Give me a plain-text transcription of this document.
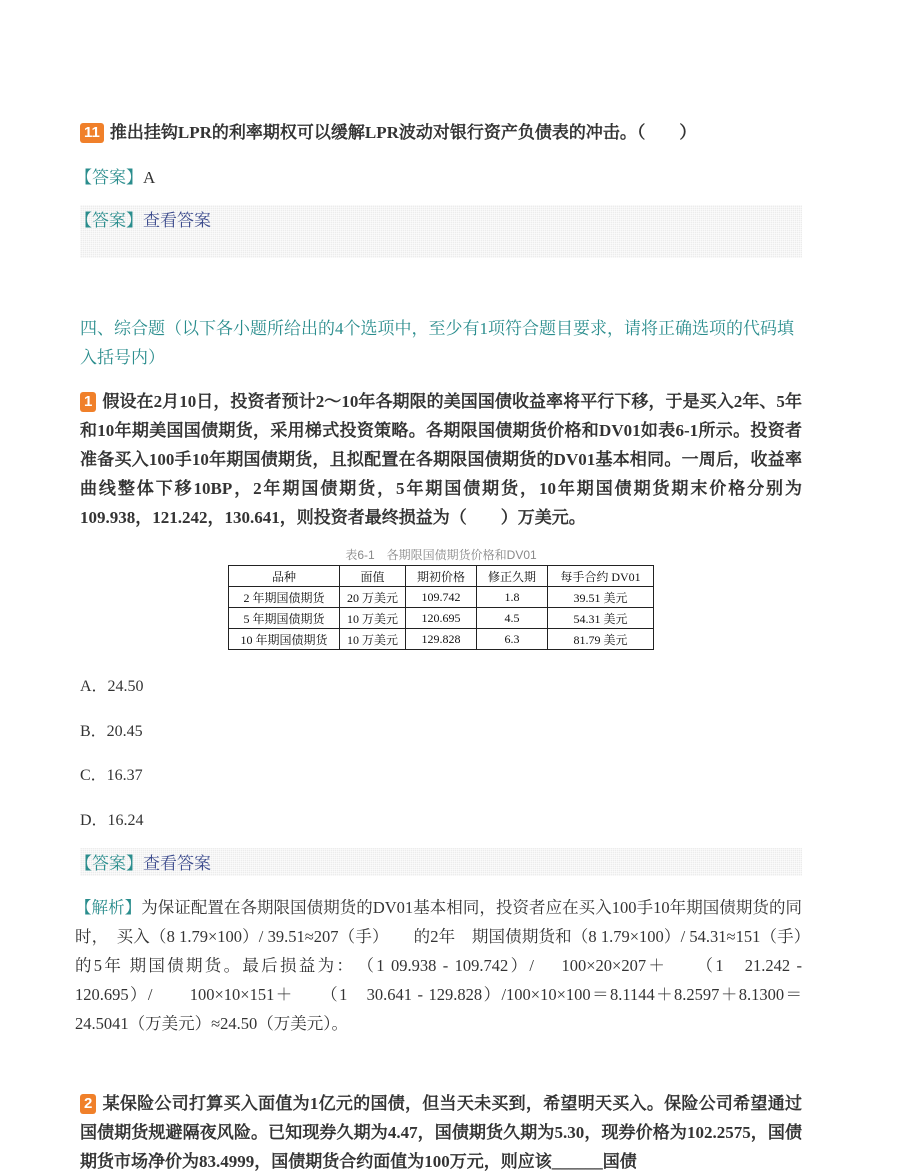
11 推出挂钩LPR的利率期权可以缓解LPR波动对银行资产负债表的冲击。（　　）
【答案】A
【答案】查看答案
四、综合题（以下各小题所给出的4个选项中，至少有1项符合题目要求，请将正确选项的代码填入括号内）
1 假设在2月10日，投资者预计2～10年各期限的美国国债收益率将平行下移，于是买入2年、5年和10年期美国国债期货，采用梯式投资策略。各期限国债期货价格和DV01如表6-1所示。投资者准备买入100手10年期国债期货，且拟配置在各期限国债期货的DV01基本相同。一周后，收益率曲线整体下移10BP，2年期国债期货，5年期国债期货，10年期国债期货期末价格分别为109.938，121.242，130.641，则投资者最终损益为（　　）万美元。
表6-1　各期限国债期货价格和DV01
品种	面值	期初价格	修正久期	每手合约 DV01
2 年期国债期货	20 万美元	109.742	1.8	39.51 美元
5 年期国债期货	10 万美元	120.695	4.5	54.31 美元
10 年期国债期货	10 万美元	129.828	6.3	81.79 美元
A．24.50
B．20.45
C．16.37
D．16.24
【答案】查看答案
【解析】为保证配置在各期限国债期货的DV01基本相同，投资者应在买入100手10年期国债期货的同时，　买入（8 1.79×100）/ 39.51≈207（手）　　的2年　期国债期货和（8 1.79×100）/ 54.31≈151（手）　的5年 期国债期货。最后损益为：　（1 09.938 - 109.742）/　 100×20×207＋　　（1　21.242 - 120.695）/　　100×10×151＋　　（1　30.641 - 129.828）/100×10×100＝8.1144＋8.2597＋8.1300＝24.5041（万美元）≈24.50（万美元）。
2 某保险公司打算买入面值为1亿元的国债，但当天未买到，希望明天买入。保险公司希望通过国债期货规避隔夜风险。已知现券久期为4.47，国债期货久期为5.30，现券价格为102.2575，国债期货市场净价为83.4999，国债期货合约面值为100万元，则应该______国债
